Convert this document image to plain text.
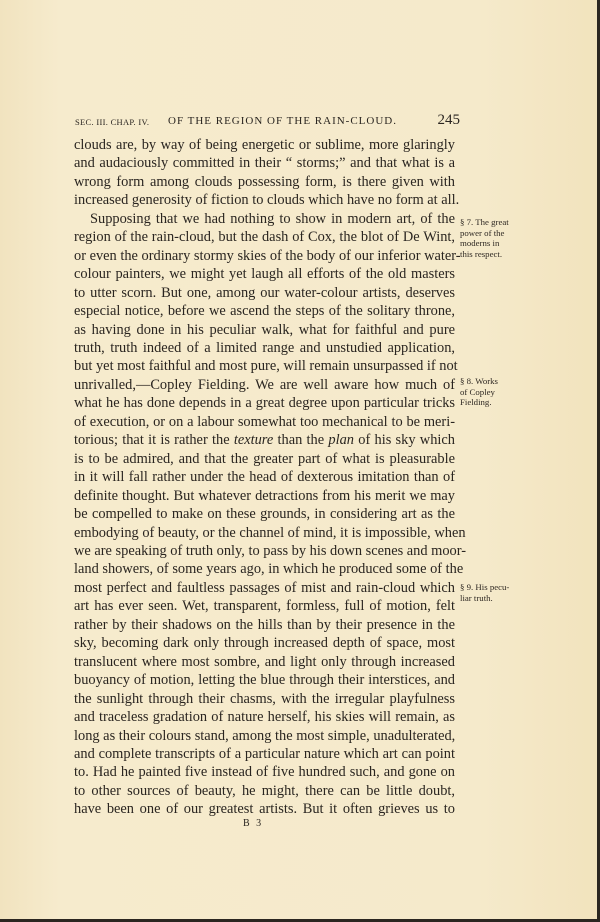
SEC. III. CHAP. IV. OF THE REGION OF THE RAIN-CLOUD.	245
clouds are, by way of being energetic or sublime, more glaringly
and audaciously committed in their “ storms;” and that what is a
wrong form among clouds possessing form, is there given with
increased generosity of fiction to clouds which have no form at all.
Supposing that we had nothing to show in modern art, of the
region of the rain-cloud, but the dash of Cox, the blot of De Wint,
or even the ordinary stormy skies of the body of our inferior water-
colour painters, we might yet laugh all efforts of the old masters
to utter scorn. But one, among our water-colour artists, deserves
especial notice, before we ascend the steps of the solitary throne,
as having done in his peculiar walk, what for faithful and pure
truth, truth indeed of a limited range and unstudied application,
but yet most faithful and most pure, will remain unsurpassed if not
unrivalled,—Copley Fielding. We are well aware how much of
what he has done depends in a great degree upon particular tricks
of execution, or on a labour somewhat too mechanical to be meri-
torious; that it is rather the texture than the plan of his sky which
is to be admired, and that the greater part of what is pleasurable
in it will fall rather under the head of dexterous imitation than of
definite thought. But whatever detractions from his merit we may
be compelled to make on these grounds, in considering art as the
embodying of beauty, or the channel of mind, it is impossible, when
we are speaking of truth only, to pass by his down scenes and moor-
land showers, of some years ago, in which he produced some of the
most perfect and faultless passages of mist and rain-cloud which
art has ever seen. Wet, transparent, formless, full of motion, felt
rather by their shadows on the hills than by their presence in the
sky, becoming dark only through increased depth of space, most
translucent where most sombre, and light only through increased
buoyancy of motion, letting the blue through their interstices, and
the sunlight through their chasms, with the irregular playfulness
and traceless gradation of nature herself, his skies will remain, as
long as their colours stand, among the most simple, unadulterated,
and complete transcripts of a particular nature which art can point
to. Had he painted five instead of five hundred such, and gone on
to other sources of beauty, he might, there can be little doubt,
have been one of our greatest artists. But it often grieves us to
§ 7. The great
power of the
moderns in
this respect.
§ 8. Works
of Copley
Fielding.
§ 9. His pecu-
liar truth.
B 3
